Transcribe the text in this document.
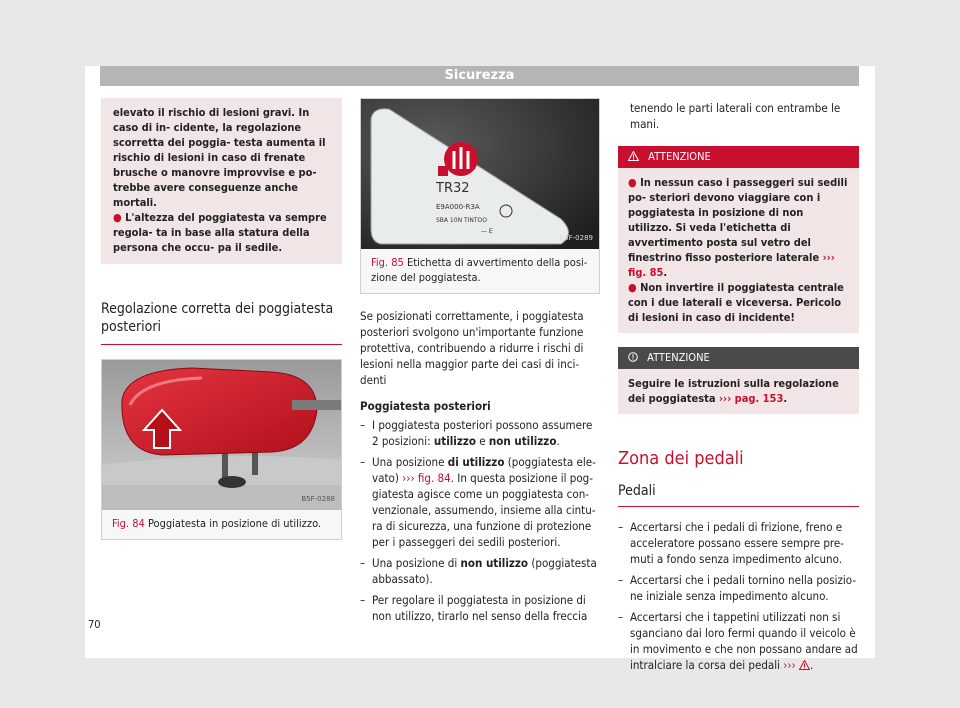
Sicurezza

elevato il rischio di lesioni gravi. In caso di in- cidente, la regolazione scorretta dei poggia- testa aumenta il rischio di lesioni in caso di frenate brusche o manovre improvvise e po- trebbe avere conseguenze anche mortali.

● L'altezza del poggiatesta va sempre regola- ta in base alla statura della persona che occu- pa il sedile.

Regolazione corretta dei poggiatesta posteriori
B5F-0288
Fig. 84 Poggiatesta in posizione di utilizzo.
TR32
E9A000-R3A
SBA 10N TINTOO
— E
B5F-0289
Fig. 85 Etichetta di avvertimento della posi- zione del poggiatesta.

Se posizionati correttamente, i poggiatesta posteriori svolgono un'importante funzione protettiva, contribuendo a ridurre i rischi di lesioni nella maggior parte dei casi di inci- denti

Poggiatesta posteriori

– I poggiatesta posteriori possono assumere 2 posizioni: utilizzo e non utilizzo.
– Una posizione di utilizzo (poggiatesta ele- vato) ››› fig. 84. In questa posizione il pog- giatesta agisce come un poggiatesta con- venzionale, assumendo, insieme alla cintu- ra di sicurezza, una funzione di protezione per i passeggeri dei sedili posteriori.
– Una posizione di non utilizzo (poggiatesta abbassato).
– Per regolare il poggiatesta in posizione di non utilizzo, tirarlo nel senso della freccia

tenendo le parti laterali con entrambe le mani.

ATTENZIONE

● In nessun caso i passeggeri sui sedili po- steriori devono viaggiare con i poggiatesta in posizione di non utilizzo. Si veda l'etichetta di avvertimento posta sul vetro del finestrino fisso posteriore laterale ››› fig. 85.

● Non invertire il poggiatesta centrale con i due laterali e viceversa. Pericolo di lesioni in caso di incidente!

ATTENZIONE
Seguire le istruzioni sulla regolazione dei poggiatesta ››› pag. 153.
Zona dei pedali
Pedali
– Accertarsi che i pedali di frizione, freno e acceleratore possano essere sempre pre- muti a fondo senza impedimento alcuno.
– Accertarsi che i pedali tornino nella posizio- ne iniziale senza impedimento alcuno.
– Accertarsi che i tappetini utilizzati non si sganciano dai loro fermi quando il veicolo è in movimento e che non possano andare ad intralciare la corsa dei pedali ››› .
70
